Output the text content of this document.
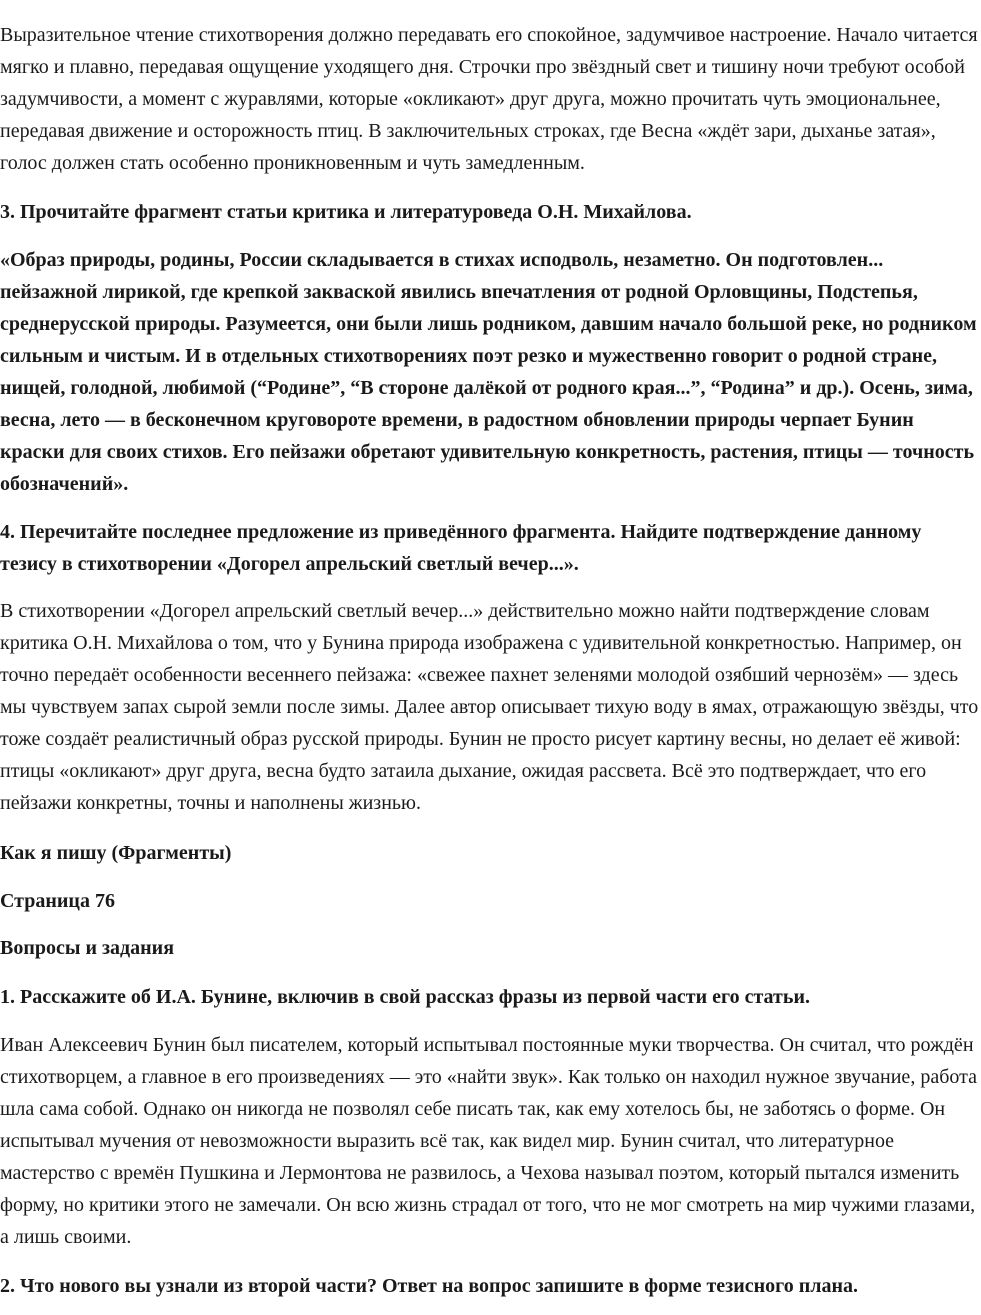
Выразительное чтение стихотворения должно передавать его спокойное, задумчивое настроение. Начало читается
мягко и плавно, передавая ощущение уходящего дня. Строчки про звёздный свет и тишину ночи требуют особой
задумчивости, а момент с журавлями, которые «окликают» друг друга, можно прочитать чуть эмоциональнее,
передавая движение и осторожность птиц. В заключительных строках, где Весна «ждёт зари, дыханье затая»,
голос должен стать особенно проникновенным и чуть замедленным.
3. Прочитайте фрагмент статьи критика и литературоведа О.Н. Михайлова.
«Образ природы, родины, России складывается в стихах исподволь, незаметно. Он подготовлен...
пейзажной лирикой, где крепкой закваской явились впечатления от родной Орловщины, Подстепья,
среднерусской природы. Разумеется, они были лишь родником, давшим начало большой реке, но родником
сильным и чистым. И в отдельных стихотворениях поэт резко и мужественно говорит о родной стране,
нищей, голодной, любимой (“Родине”, “В стороне далёкой от родного края...”, “Родина” и др.). Осень, зима,
весна, лето — в бесконечном круговороте времени, в радостном обновлении природы черпает Бунин
краски для своих стихов. Его пейзажи обретают удивительную конкретность, растения, птицы — точность
обозначений».
4. Перечитайте последнее предложение из приведённого фрагмента. Найдите подтверждение данному
тезису в стихотворении «Догорел апрельский светлый вечер...».
В стихотворении «Догорел апрельский светлый вечер...» действительно можно найти подтверждение словам
критика О.Н. Михайлова о том, что у Бунина природа изображена с удивительной конкретностью. Например, он
точно передаёт особенности весеннего пейзажа: «свежее пахнет зеленями молодой озябший чернозём» — здесь
мы чувствуем запах сырой земли после зимы. Далее автор описывает тихую воду в ямах, отражающую звёзды, что
тоже создаёт реалистичный образ русской природы. Бунин не просто рисует картину весны, но делает её живой:
птицы «окликают» друг друга, весна будто затаила дыхание, ожидая рассвета. Всё это подтверждает, что его
пейзажи конкретны, точны и наполнены жизнью.
Как я пишу (Фрагменты)
Страница 76
Вопросы и задания
1. Расскажите об И.А. Бунине, включив в свой рассказ фразы из первой части его статьи.
Иван Алексеевич Бунин был писателем, который испытывал постоянные муки творчества. Он считал, что рождён
стихотворцем, а главное в его произведениях — это «найти звук». Как только он находил нужное звучание, работа
шла сама собой. Однако он никогда не позволял себе писать так, как ему хотелось бы, не заботясь о форме. Он
испытывал мучения от невозможности выразить всё так, как видел мир. Бунин считал, что литературное
мастерство с времён Пушкина и Лермонтова не развилось, а Чехова называл поэтом, который пытался изменить
форму, но критики этого не замечали. Он всю жизнь страдал от того, что не мог смотреть на мир чужими глазами,
а лишь своими.
2. Что нового вы узнали из второй части? Ответ на вопрос запишите в форме тезисного плана.
